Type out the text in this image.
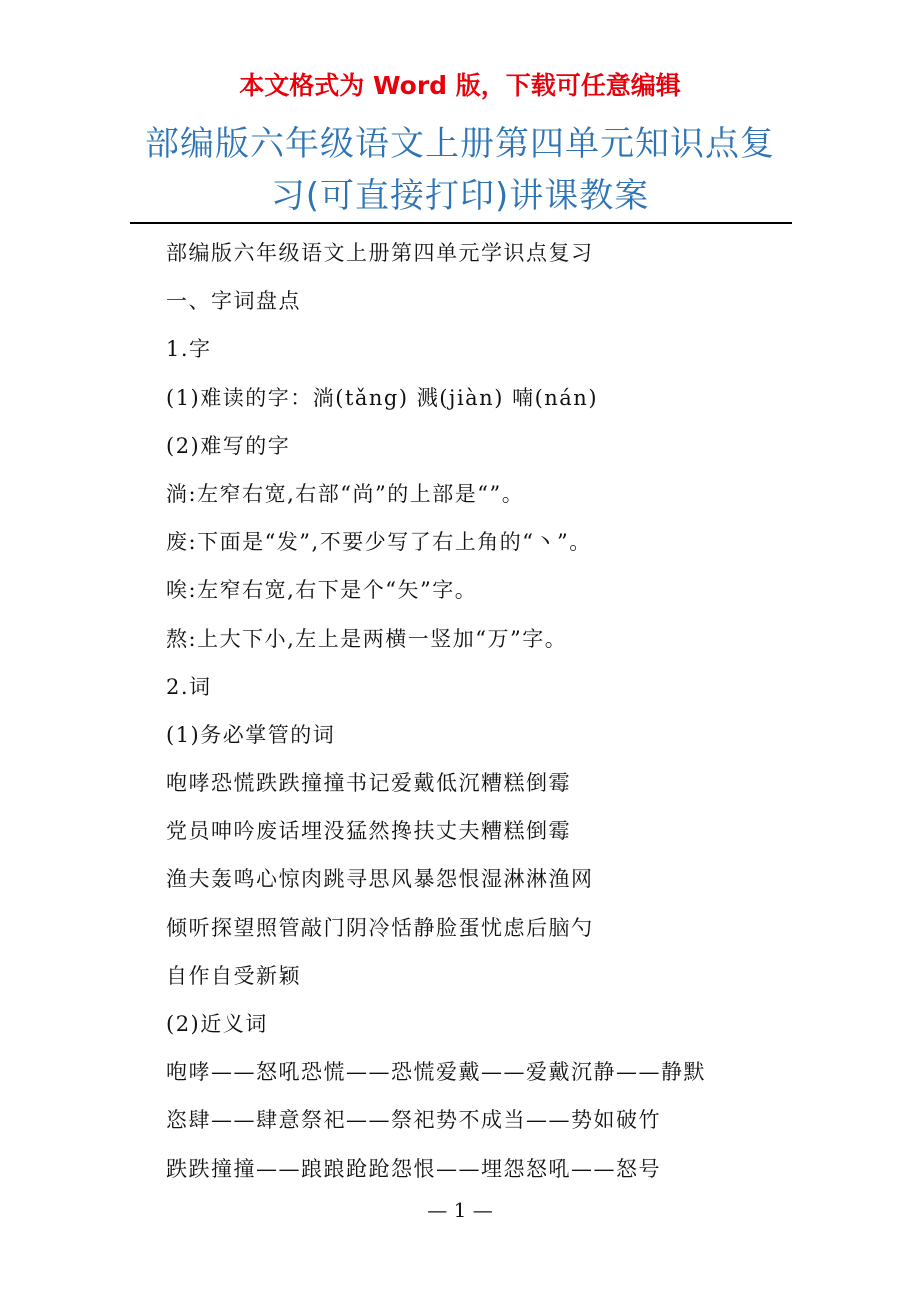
本文格式为 Word 版，下载可任意编辑
部编版六年级语文上册第四单元知识点复
习(可直接打印)讲课教案
部编版六年级语文上册第四单元学识点复习
一、字词盘点
1.字
(1)难读的字：淌(tǎng) 溅(jiàn) 喃(nán)
(2)难写的字
淌:左窄右宽,右部“尚”的上部是“”。
废:下面是“发”,不要少写了右上角的“丶”。
唉:左窄右宽,右下是个“矢”字。
熬:上大下小,左上是两横一竖加“万”字。
2.词
(1)务必掌管的词
咆哮恐慌跌跌撞撞书记爱戴低沉糟糕倒霉
党员呻吟废话埋没猛然搀扶丈夫糟糕倒霉
渔夫轰鸣心惊肉跳寻思风暴怨恨湿淋淋渔网
倾听探望照管敲门阴冷恬静脸蛋忧虑后脑勺
自作自受新颖
(2)近义词
咆哮——怒吼恐慌——恐慌爱戴——爱戴沉静——静默
恣肆——肆意祭祀——祭祀势不成当——势如破竹
跌跌撞撞——踉踉跄跄怨恨——埋怨怒吼——怒号
— 1 —
